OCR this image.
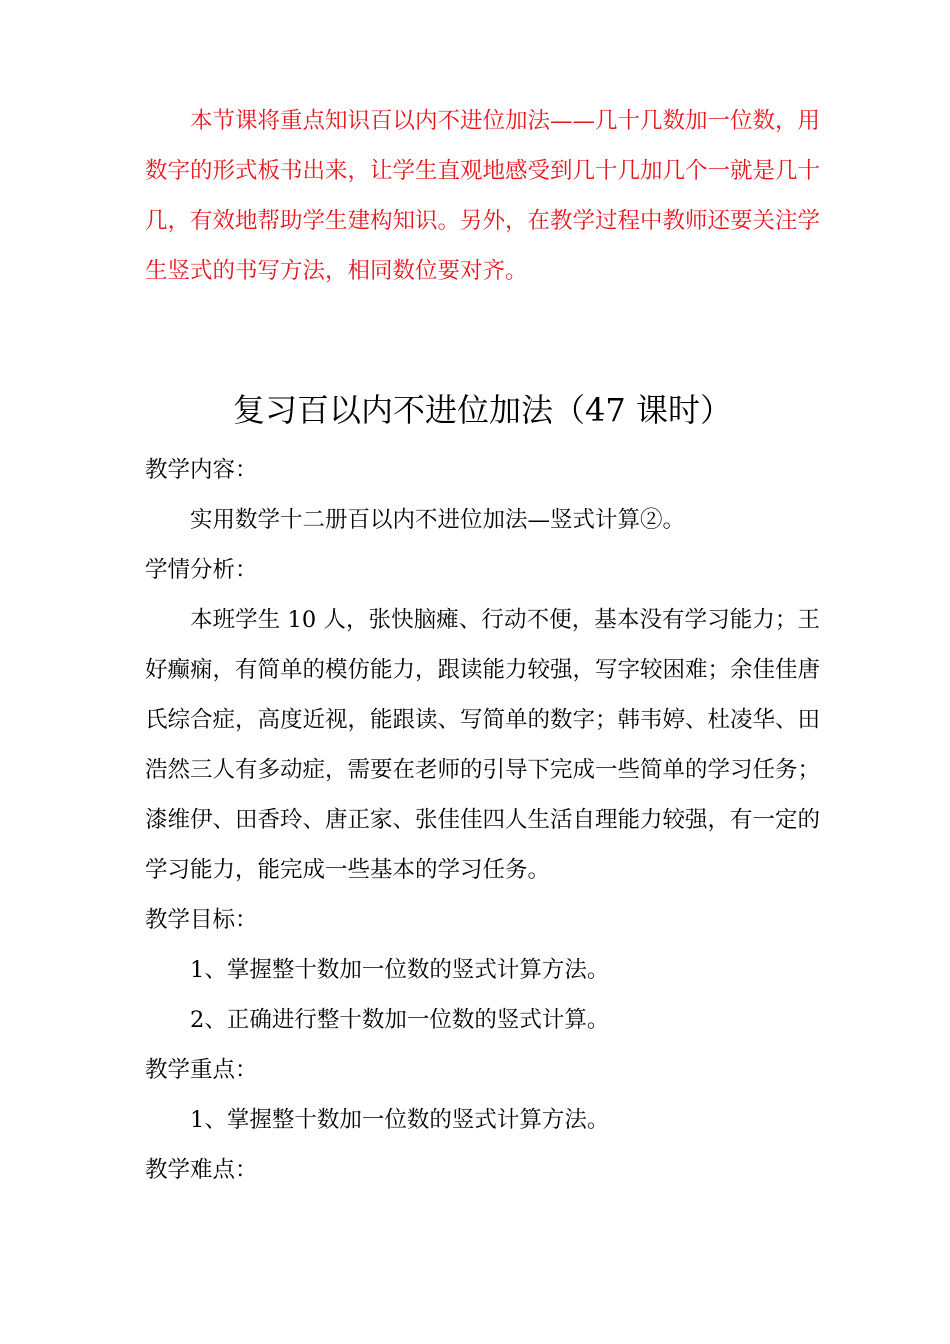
本节课将重点知识百以内不进位加法——几十几数加一位数，用数字的形式板书出来，让学生直观地感受到几十几加几个一就是几十几，有效地帮助学生建构知识。另外，在教学过程中教师还要关注学生竖式的书写方法，相同数位要对齐。

复习百以内不进位加法（47 课时）

教学内容：

实用数学十二册百以内不进位加法—竖式计算②。

学情分析：

本班学生 10 人，张快脑瘫、行动不便，基本没有学习能力；王好癫痫，有简单的模仿能力，跟读能力较强，写字较困难；余佳佳唐氏综合症，高度近视，能跟读、写简单的数字；韩韦婷、杜凌华、田浩然三人有多动症，需要在老师的引导下完成一些简单的学习任务；漆维伊、田香玲、唐正家、张佳佳四人生活自理能力较强，有一定的学习能力，能完成一些基本的学习任务。

教学目标：

1、掌握整十数加一位数的竖式计算方法。

2、正确进行整十数加一位数的竖式计算。

教学重点：

1、掌握整十数加一位数的竖式计算方法。

教学难点：
